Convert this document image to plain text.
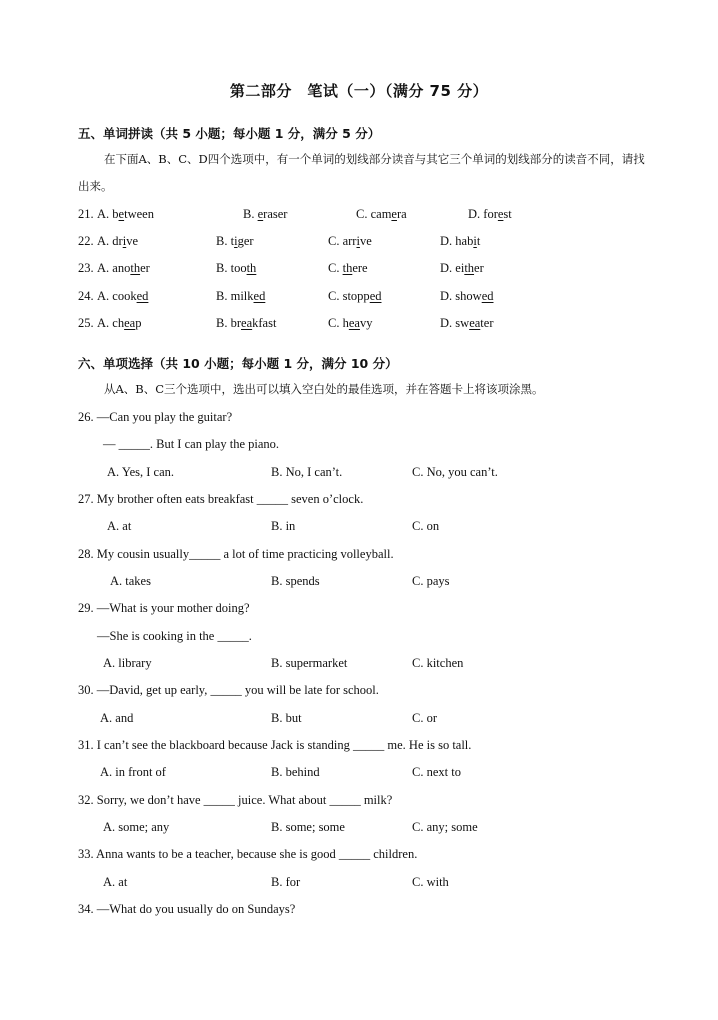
第二部分　笔试（一）（满分 75 分）
五、单词拼读（共 5 小题；每小题 1 分，满分 5 分）
在下面A、B、C、D四个选项中，有一个单词的划线部分读音与其它三个单词的划线部分的读音不同，请找出来。
21. A. between	B. eraser	C. camera	D. forest
22. A. drive	B. tiger	C. arrive	D. habit
23. A. another	B. tooth	C. there	D. either
24. A. cooked	B. milked	C. stopped	D. showed
25. A. cheap	B. breakfast	C. heavy	D. sweater
六、单项选择（共 10 小题；每小题 1 分，满分 10 分）
从A、B、C三个选项中，选出可以填入空白处的最佳选项，并在答题卡上将该项涂黑。
26. —Can you play the guitar?
— _____. But I can play the piano.
A. Yes, I can.	B. No, I can’t.	C. No, you can’t.
27. My brother often eats breakfast _____ seven o’clock.
A. at	B. in	C. on
28. My cousin usually_____ a lot of time practicing volleyball.
A. takes	B. spends	C. pays
29. —What is your mother doing?
—She is cooking in the _____.
A. library	B. supermarket	C. kitchen
30. —David, get up early, _____ you will be late for school.
A. and	B. but	C. or
31. I can’t see the blackboard because Jack is standing _____ me. He is so tall.
A. in front of	B. behind	C. next to
32. Sorry, we don’t have _____ juice. What about _____ milk?
A. some; any	B. some; some	C. any; some
33. Anna wants to be a teacher, because she is good _____ children.
A. at	B. for	C. with
34. —What do you usually do on Sundays?
